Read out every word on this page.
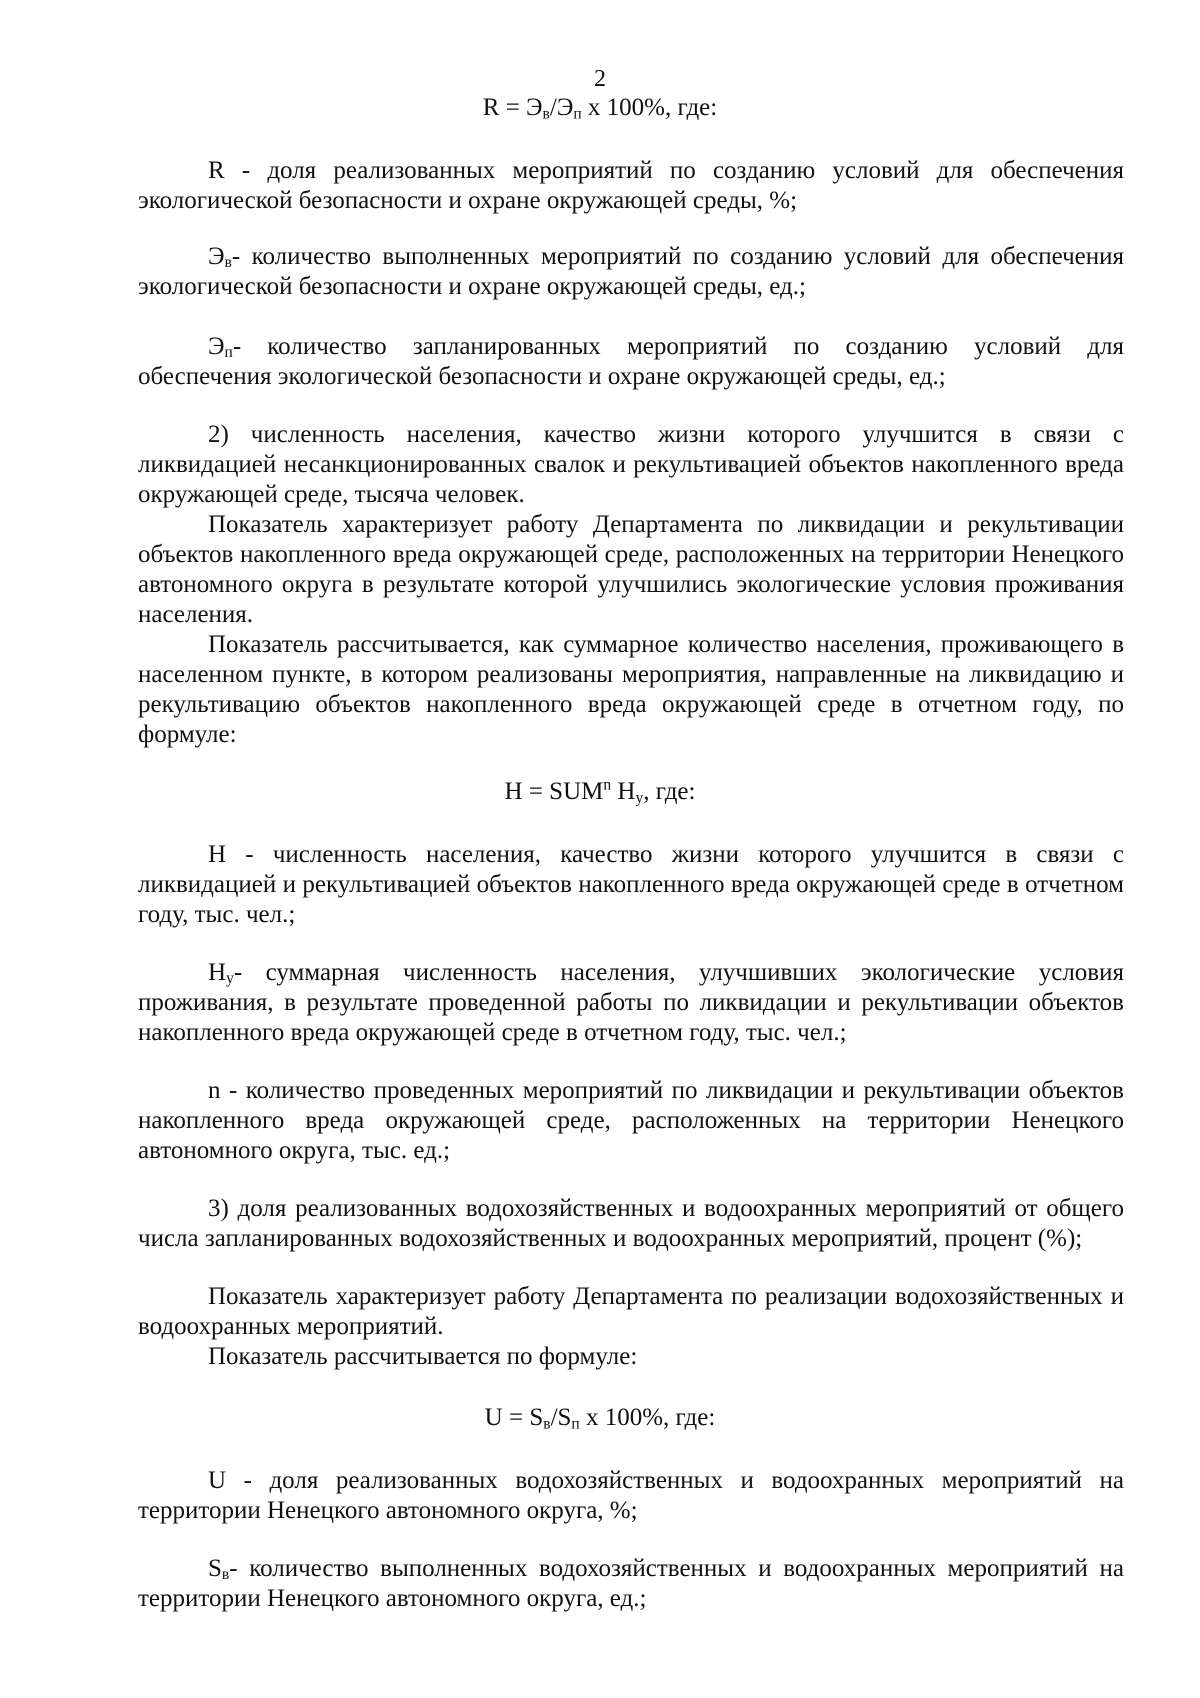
2
$R = Э_в/Э_п$ х 100%, где:

R - доля реализованных мероприятий по созданию условий для обеспечения экологической безопасности и охране окружающей среды, %;

$Э_в-$ количество выполненных мероприятий по созданию условий для обеспечения экологической безопасности и охране окружающей среды, ед.;

$Э_п-$ количество запланированных мероприятий по созданию условий для обеспечения экологической безопасности и охране окружающей среды, ед.;

2) численность населения, качество жизни которого улучшится в связи с ликвидацией несанкционированных свалок и рекультивацией объектов накопленного вреда окружающей среде, тысяча человек.

Показатель характеризует работу Департамента по ликвидации и рекультивации объектов накопленного вреда окружающей среде, расположенных на территории Ненецкого автономного округа в результате которой улучшились экологические условия проживания населения.

Показатель рассчитывается, как суммарное количество населения, проживающего в населенном пункте, в котором реализованы мероприятия, направленные на ликвидацию и рекультивацию объектов накопленного вреда окружающей среде в отчетном году, по формуле:

$Н = SUM^n$ $Н_у$, где:

Н - численность населения, качество жизни которого улучшится в связи с ликвидацией и рекультивацией объектов накопленного вреда окружающей среде в отчетном году, тыс. чел.;

$Н_у-$ суммарная численность населения, улучшивших экологические условия проживания, в результате проведенной работы по ликвидации и рекультивации объектов накопленного вреда окружающей среде в отчетном году, тыс. чел.;

n - количество проведенных мероприятий по ликвидации и рекультивации объектов накопленного вреда окружающей среде, расположенных на территории Ненецкого автономного округа, тыс. ед.;

3) доля реализованных водохозяйственных и водоохранных мероприятий от общего числа запланированных водохозяйственных и водоохранных мероприятий, процент (%);

Показатель характеризует работу Департамента по реализации водохозяйственных и водоохранных мероприятий.

Показатель рассчитывается по формуле:

$U = S_в/S_п$ х 100%, где:

U - доля реализованных водохозяйственных и водоохранных мероприятий на территории Ненецкого автономного округа, %;

$S_в-$ количество выполненных водохозяйственных и водоохранных мероприятий на территории Ненецкого автономного округа, ед.;
